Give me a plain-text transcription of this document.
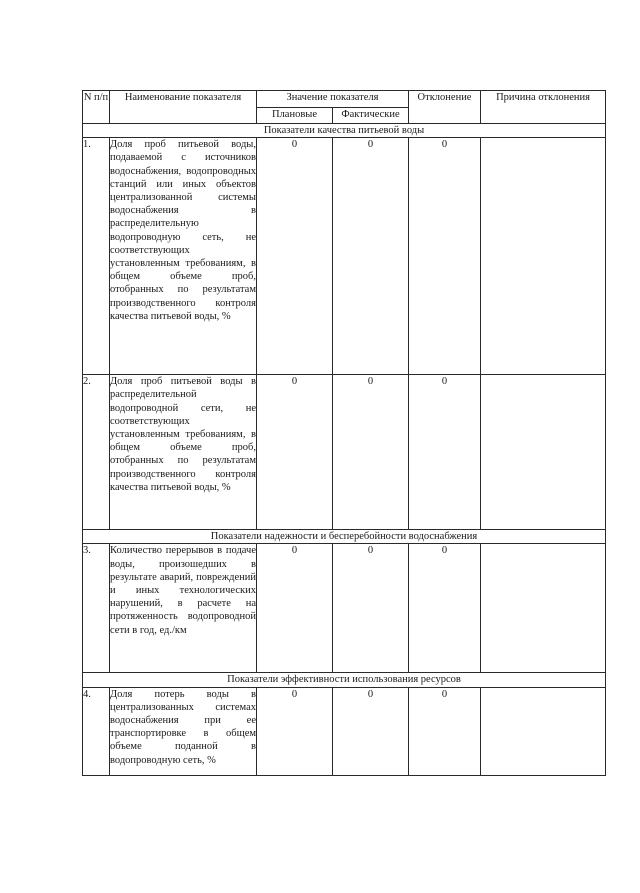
N п/п	Наименование показателя	Значение показателя		Отклонение	Причина отклонения
		Плановые	Фактические		
Показатели качества питьевой воды					
1.	Доля проб питьевой воды, подаваемой с источников водоснабжения, водопроводных станций или иных объектов централизованной системы водоснабжения в распределительную водопроводную сеть, не соответствующих установленным требованиям, в общем объеме проб, отобранных по результатам производственного контроля качества питьевой воды, %	0	0	0	
2.	Доля проб питьевой воды в распределительной водопроводной сети, не соответствующих установленным требованиям, в общем объеме проб, отобранных по результатам производственного контроля качества питьевой воды, %	0	0	0	
Показатели надежности и бесперебойности водоснабжения					
3.	Количество перерывов в подаче воды, произошедших в результате аварий, повреждений и иных технологических нарушений, в расчете на протяженность водопроводной сети в год, ед./км	0	0	0	
Показатели эффективности использования ресурсов					
4.	Доля потерь воды в централизованных системах водоснабжения при ее транспортировке в общем объеме поданной в водопроводную сеть, %	0	0	0	
